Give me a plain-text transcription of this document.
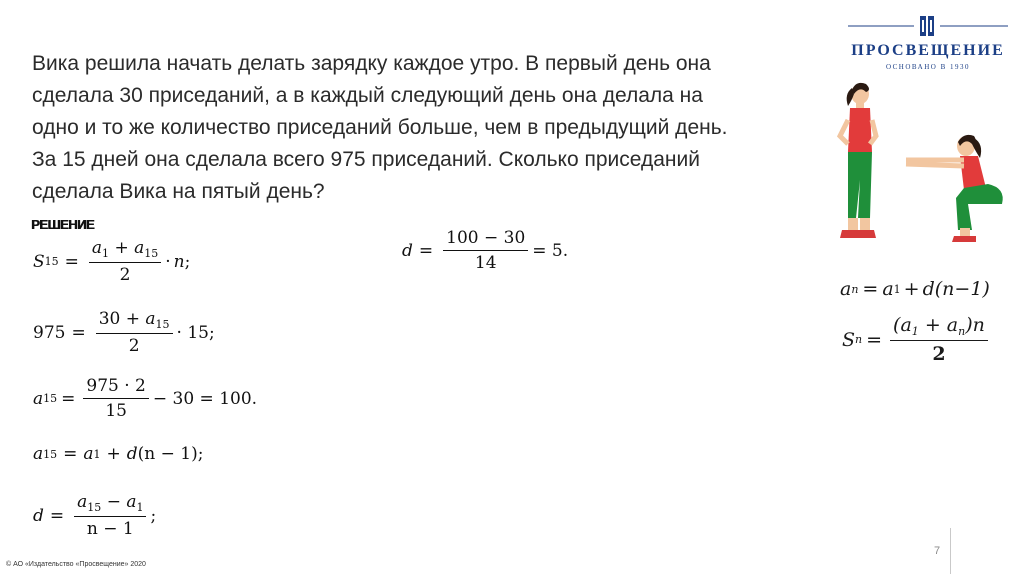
ПРОСВЕЩЕНИЕ
ОСНОВАНО В 1930
Вика решила начать делать зарядку каждое утро. В первый день она
сделала 30 приседаний, а в каждый следующий день она делала на
одно и то же количество приседаний больше, чем в предыдущий день.
За 15 дней она сделала всего 975 приседаний. Сколько приседаний
сделала Вика на пятый день?
РЕШЕНИЕ
S $15 = \frac{a_1 + a_{15}}{2} \cdot n$ ;
$975 = \frac{30 + a_{15}}{2} \cdot 15$;
a $15 = \frac{975 \cdot 2}{15} - 30 = 100$.
a 15 = a 1 + d (n − 1);
$d = \frac{a_{15} - a_1}{n - 1}$ ;
$d = \frac{100 - 30}{14} = 5$.
a n = a 1 + d (n−1)
S $n = \frac{(a_1 + a_n)n}{2}$
7
© АО «Издательство «Просвещение» 2020
